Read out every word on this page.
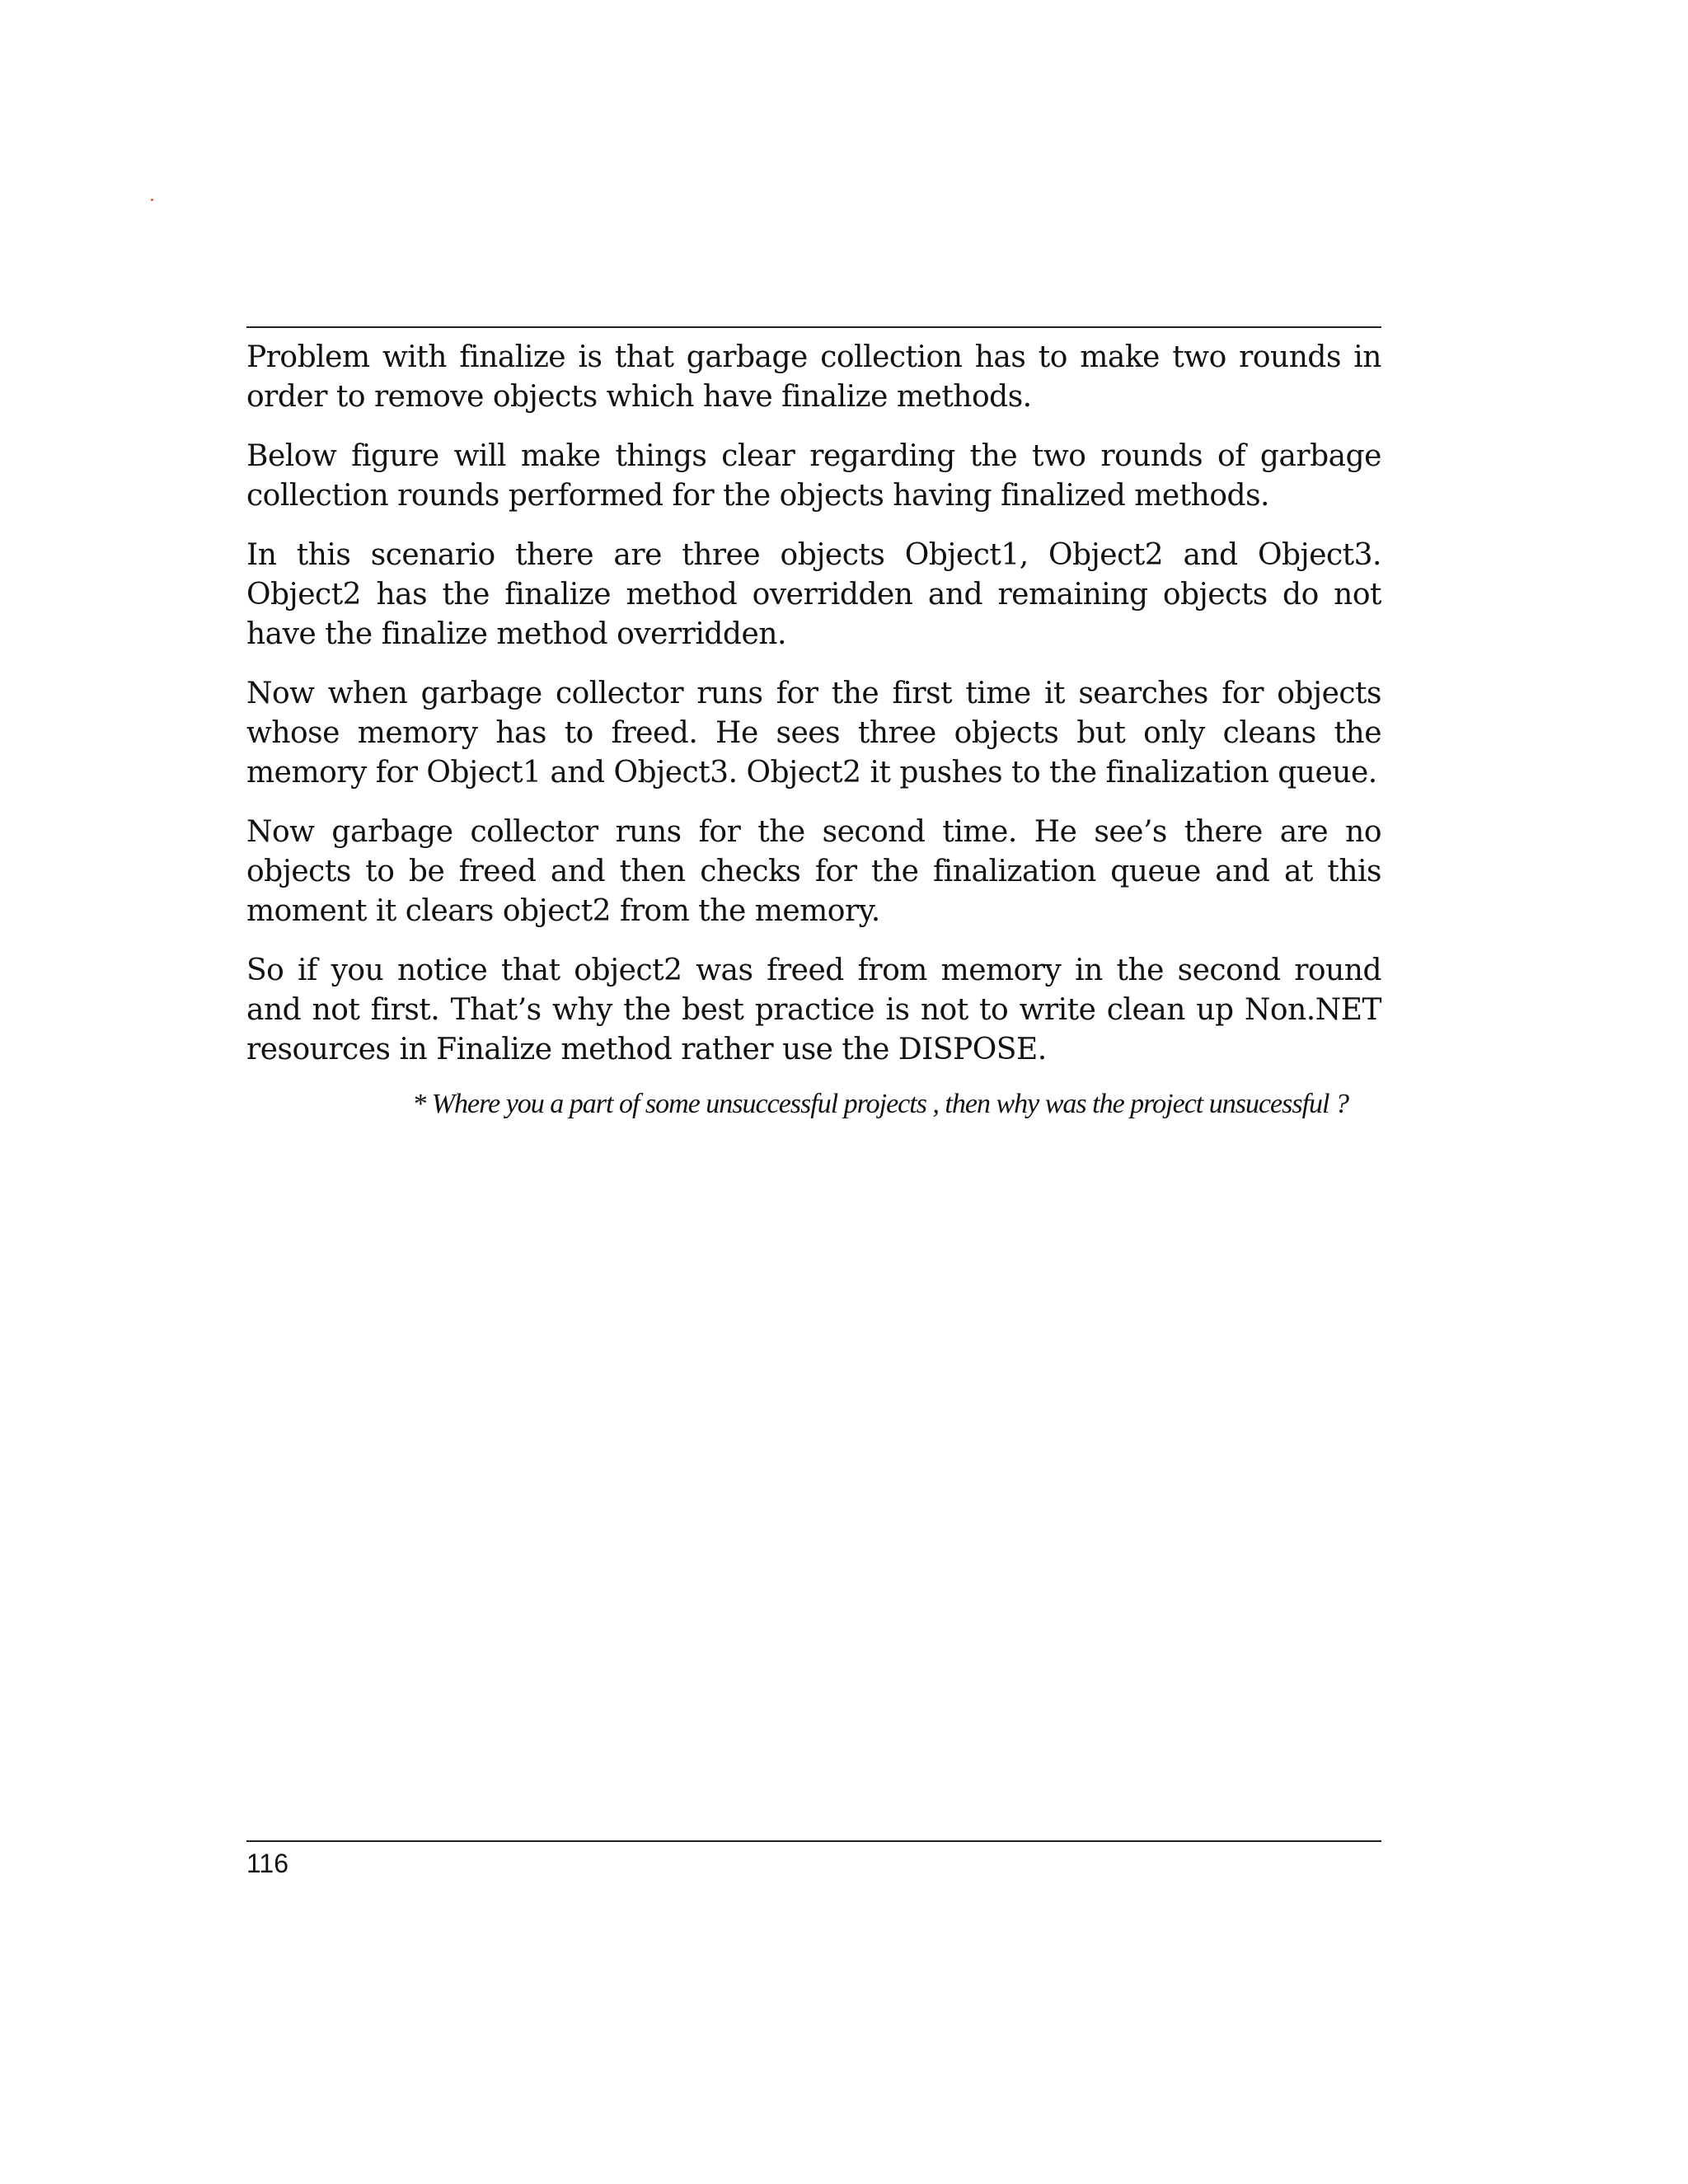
Problem with finalize is that garbage collection has to make two rounds in order to remove objects which have finalize methods.

Below figure will make things clear regarding the two rounds of garbage collection rounds performed for the objects having finalized methods.

In this scenario there are three objects Object1, Object2 and Object3. Object2 has the finalize method overridden and remaining objects do not have the finalize method overridden.

Now when garbage collector runs for the first time it searches for objects whose memory has to freed. He sees three objects but only cleans the memory for Object1 and Object3. Object2 it pushes to the finalization queue.

Now garbage collector runs for the second time. He see’s there are no objects to be freed and then checks for the finalization queue and at this moment it clears object2 from the memory.

So if you notice that object2 was freed from memory in the second round and not first. That’s why the best practice is not to write clean up Non.NET resources in Finalize method rather use the DISPOSE.

* Where you a part of some unsuccessful projects , then why was the project unsucessful ?

116
